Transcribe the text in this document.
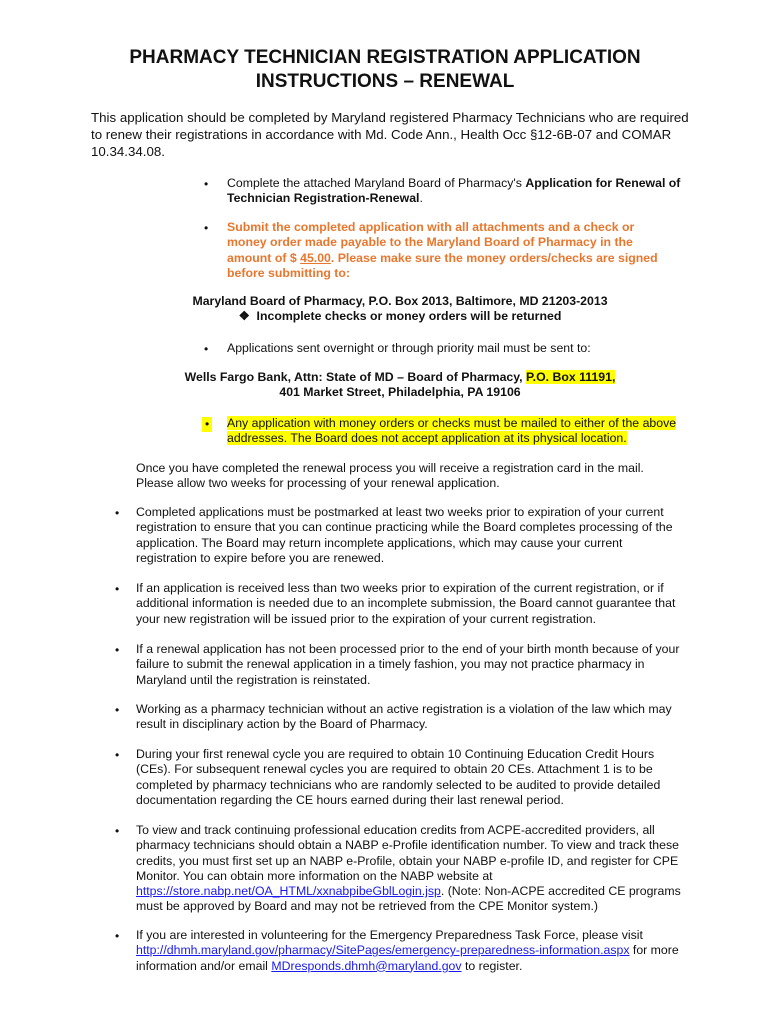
PHARMACY TECHNICIAN REGISTRATION APPLICATION
INSTRUCTIONS – RENEWAL
This application should be completed by Maryland registered Pharmacy Technicians who are required to renew their registrations in accordance with Md. Code Ann., Health Occ §12-6B-07 and COMAR 10.34.34.08.
• Complete the attached Maryland Board of Pharmacy's Application for Renewal of Technician Registration-Renewal.
• Submit the completed application with all attachments and a check or money order made payable to the Maryland Board of Pharmacy in the amount of $ 45.00. Please make sure the money orders/checks are signed before submitting to:
Maryland Board of Pharmacy, P.O. Box 2013, Baltimore, MD 21203-2013
❖ Incomplete checks or money orders will be returned
• Applications sent overnight or through priority mail must be sent to:
Wells Fargo Bank, Attn: State of MD – Board of Pharmacy, P.O. Box 11191,
401 Market Street, Philadelphia, PA 19106
• Any application with money orders or checks must be mailed to either of the above addresses. The Board does not accept application at its physical location.
Once you have completed the renewal process you will receive a registration card in the mail. Please allow two weeks for processing of your renewal application.
• Completed applications must be postmarked at least two weeks prior to expiration of your current registration to ensure that you can continue practicing while the Board completes processing of the application. The Board may return incomplete applications, which may cause your current registration to expire before you are renewed.
• If an application is received less than two weeks prior to expiration of the current registration, or if additional information is needed due to an incomplete submission, the Board cannot guarantee that your new registration will be issued prior to the expiration of your current registration.
• If a renewal application has not been processed prior to the end of your birth month because of your failure to submit the renewal application in a timely fashion, you may not practice pharmacy in Maryland until the registration is reinstated.
• Working as a pharmacy technician without an active registration is a violation of the law which may result in disciplinary action by the Board of Pharmacy.
• During your first renewal cycle you are required to obtain 10 Continuing Education Credit Hours (CEs). For subsequent renewal cycles you are required to obtain 20 CEs. Attachment 1 is to be completed by pharmacy technicians who are randomly selected to be audited to provide detailed documentation regarding the CE hours earned during their last renewal period.
• To view and track continuing professional education credits from ACPE-accredited providers, all pharmacy technicians should obtain a NABP e-Profile identification number. To view and track these credits, you must first set up an NABP e-Profile, obtain your NABP e-profile ID, and register for CPE Monitor. You can obtain more information on the NABP website at https://store.nabp.net/OA_HTML/xxnabpibeGblLogin.jsp. (Note: Non-ACPE accredited CE programs must be approved by Board and may not be retrieved from the CPE Monitor system.)
• If you are interested in volunteering for the Emergency Preparedness Task Force, please visit http://dhmh.maryland.gov/pharmacy/SitePages/emergency-preparedness-information.aspx for more information and/or email MDresponds.dhmh@maryland.gov to register.
